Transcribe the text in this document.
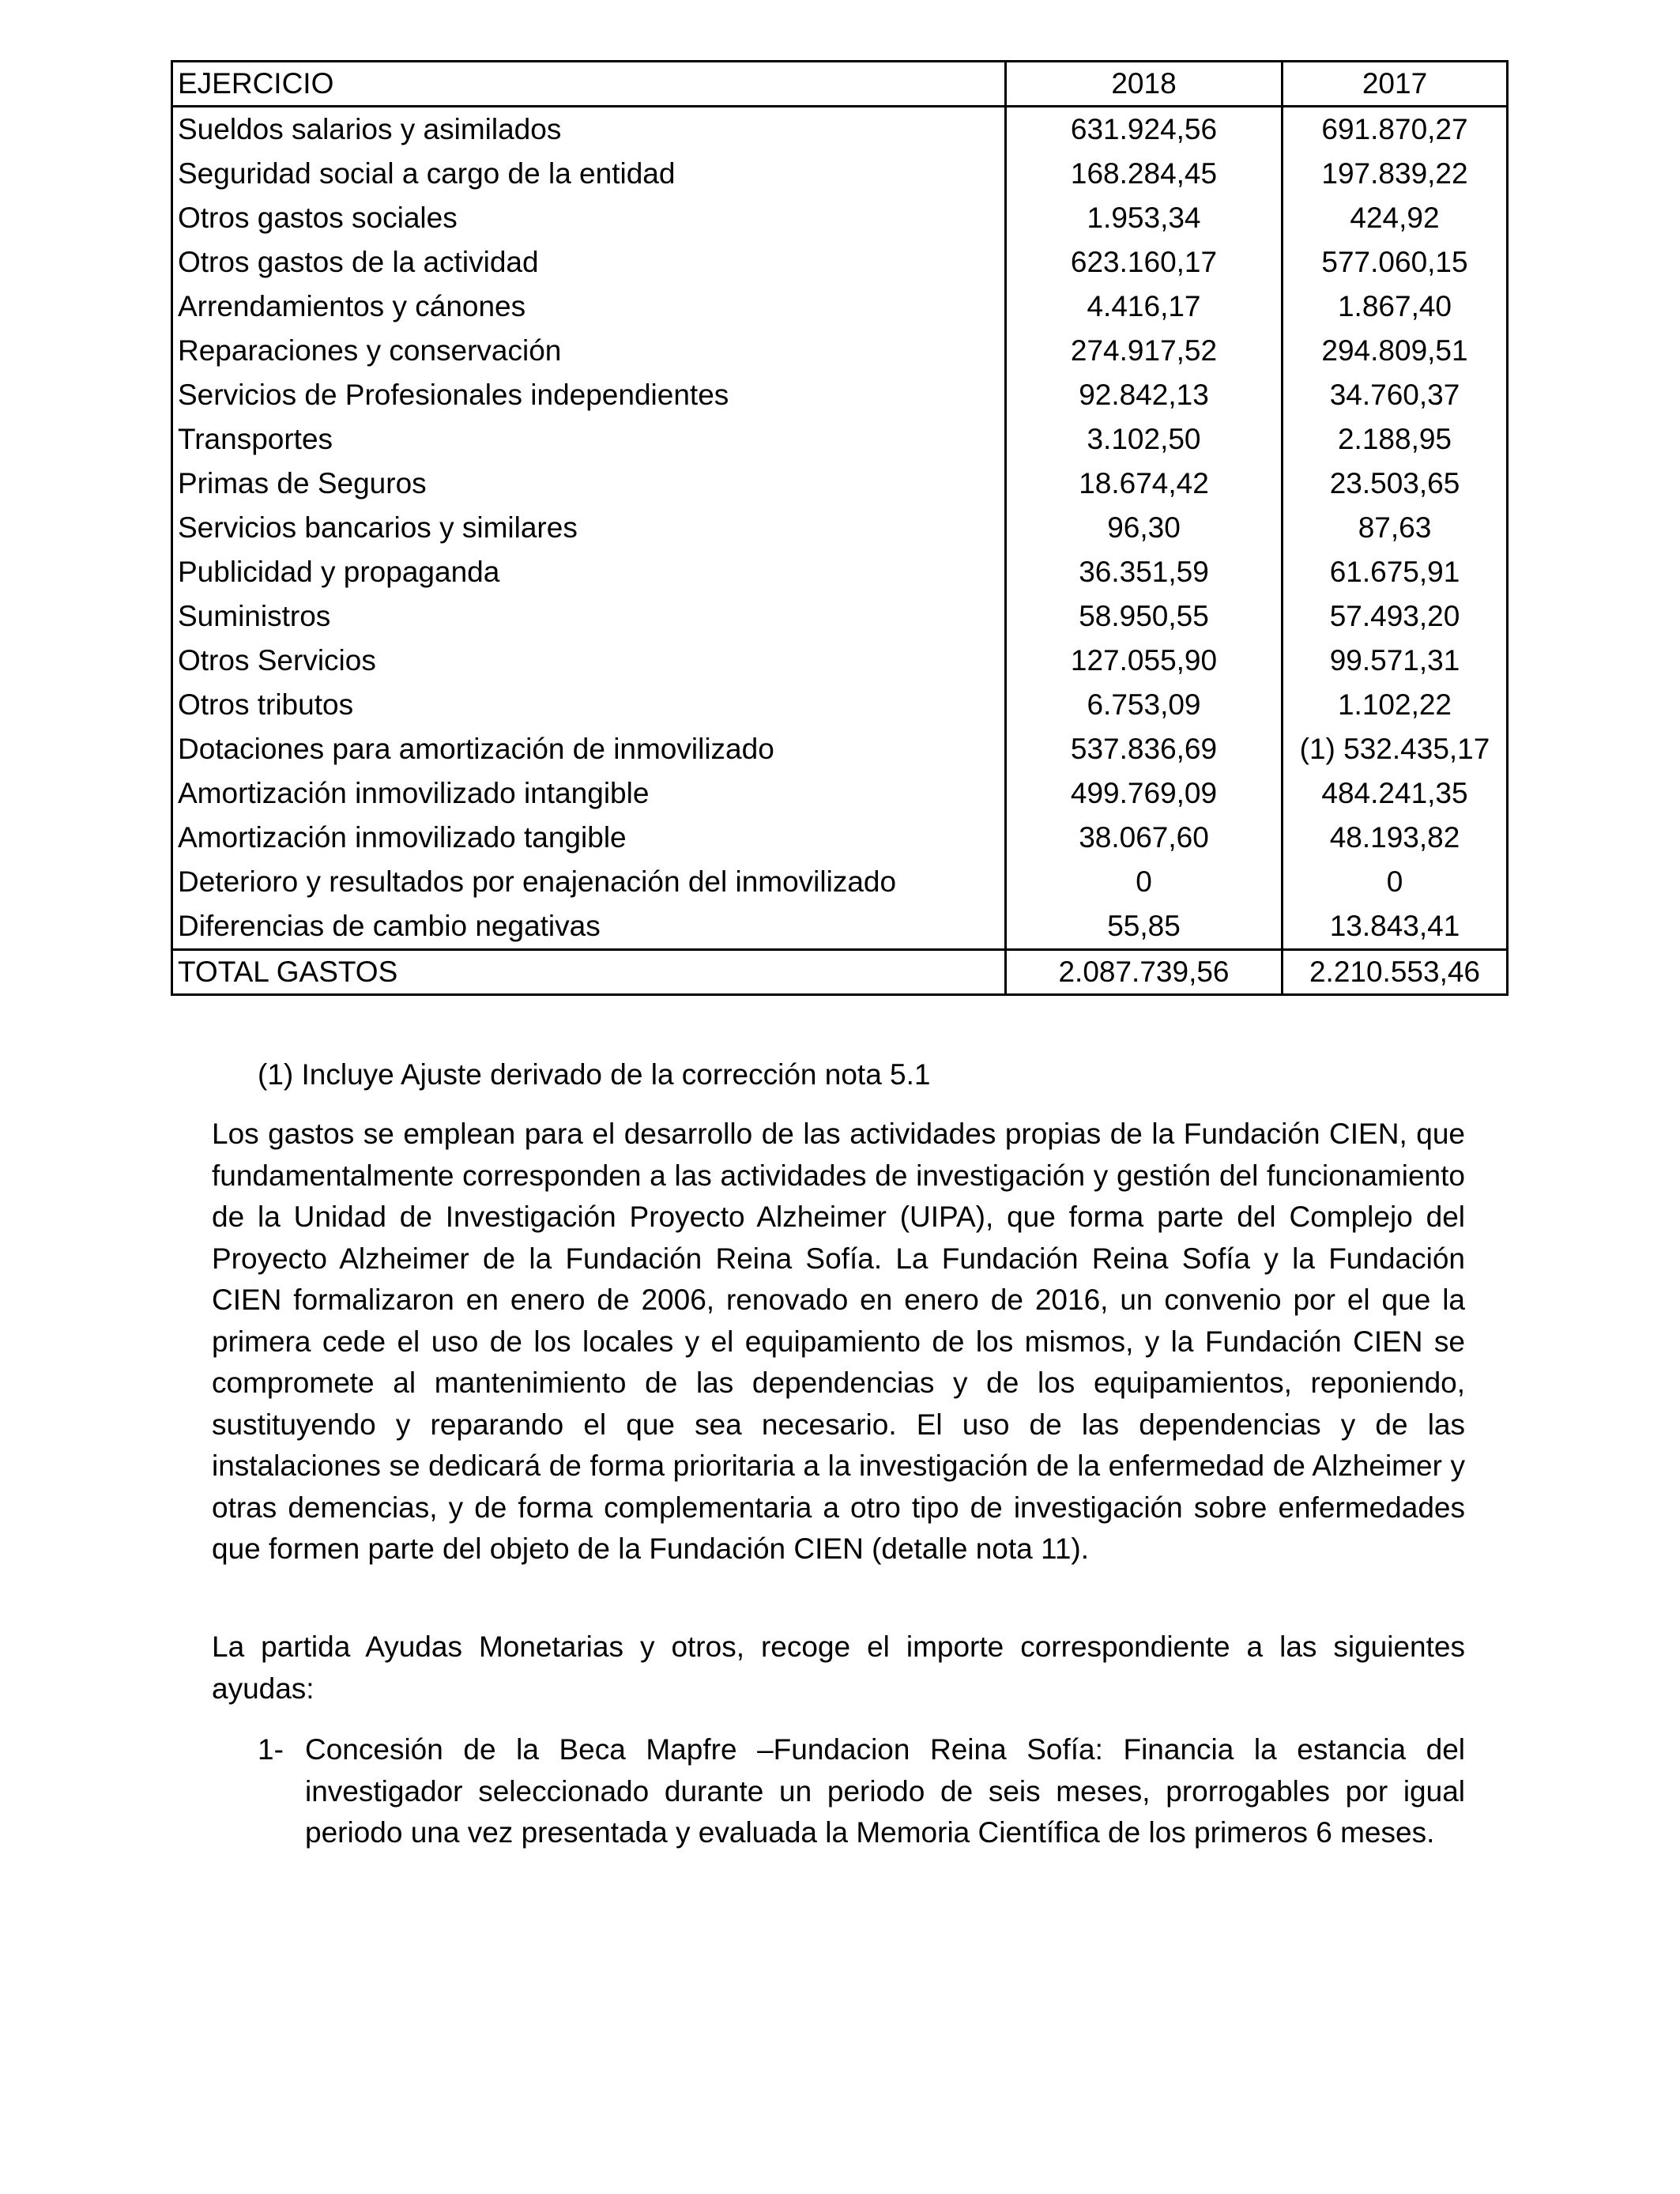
EJERCICIO	2018	2017
Sueldos salarios y asimilados	631.924,56	691.870,27
Seguridad social a cargo de la entidad	168.284,45	197.839,22
Otros gastos sociales	1.953,34	424,92
Otros gastos de la actividad	623.160,17	577.060,15
Arrendamientos y cánones	4.416,17	1.867,40
Reparaciones y conservación	274.917,52	294.809,51
Servicios de Profesionales independientes	92.842,13	34.760,37
Transportes	3.102,50	2.188,95
Primas de Seguros	18.674,42	23.503,65
Servicios bancarios y similares	96,30	87,63
Publicidad y propaganda	36.351,59	61.675,91
Suministros	58.950,55	57.493,20
Otros Servicios	127.055,90	99.571,31
Otros tributos	6.753,09	1.102,22
Dotaciones para amortización de inmovilizado	537.836,69	(1) 532.435,17
Amortización inmovilizado intangible	499.769,09	484.241,35
Amortización inmovilizado tangible	38.067,60	48.193,82
Deterioro y resultados por enajenación del inmovilizado	0	0
Diferencias de cambio negativas	55,85	13.843,41
TOTAL GASTOS	2.087.739,56	2.210.553,46
(1) Incluye Ajuste derivado de la corrección nota 5.1
Los gastos se emplean para el desarrollo de las actividades propias de la Fundación CIEN, que fundamentalmente corresponden a las actividades de investigación y gestión del funcionamiento de la Unidad de Investigación Proyecto Alzheimer (UIPA), que forma parte del Complejo del Proyecto Alzheimer de la Fundación Reina Sofía. La Fundación Reina Sofía y la Fundación CIEN formalizaron en enero de 2006, renovado en enero de 2016, un convenio por el que la primera cede el uso de los locales y el equipamiento de los mismos, y la Fundación CIEN se compromete al mantenimiento de las dependencias y de los equipamientos, reponiendo, sustituyendo y reparando el que sea necesario. El uso de las dependencias y de las instalaciones se dedicará de forma prioritaria a la investigación de la enfermedad de Alzheimer y otras demencias, y de forma complementaria a otro tipo de investigación sobre enfermedades que formen parte del objeto de la Fundación CIEN (detalle nota 11).
La partida Ayudas Monetarias y otros, recoge el importe correspondiente a las siguientes ayudas:
1- Concesión de la Beca Mapfre –Fundacion Reina Sofía: Financia la estancia del investigador seleccionado durante un periodo de seis meses, prorrogables por igual periodo una vez presentada y evaluada la Memoria Científica de los primeros 6 meses.
